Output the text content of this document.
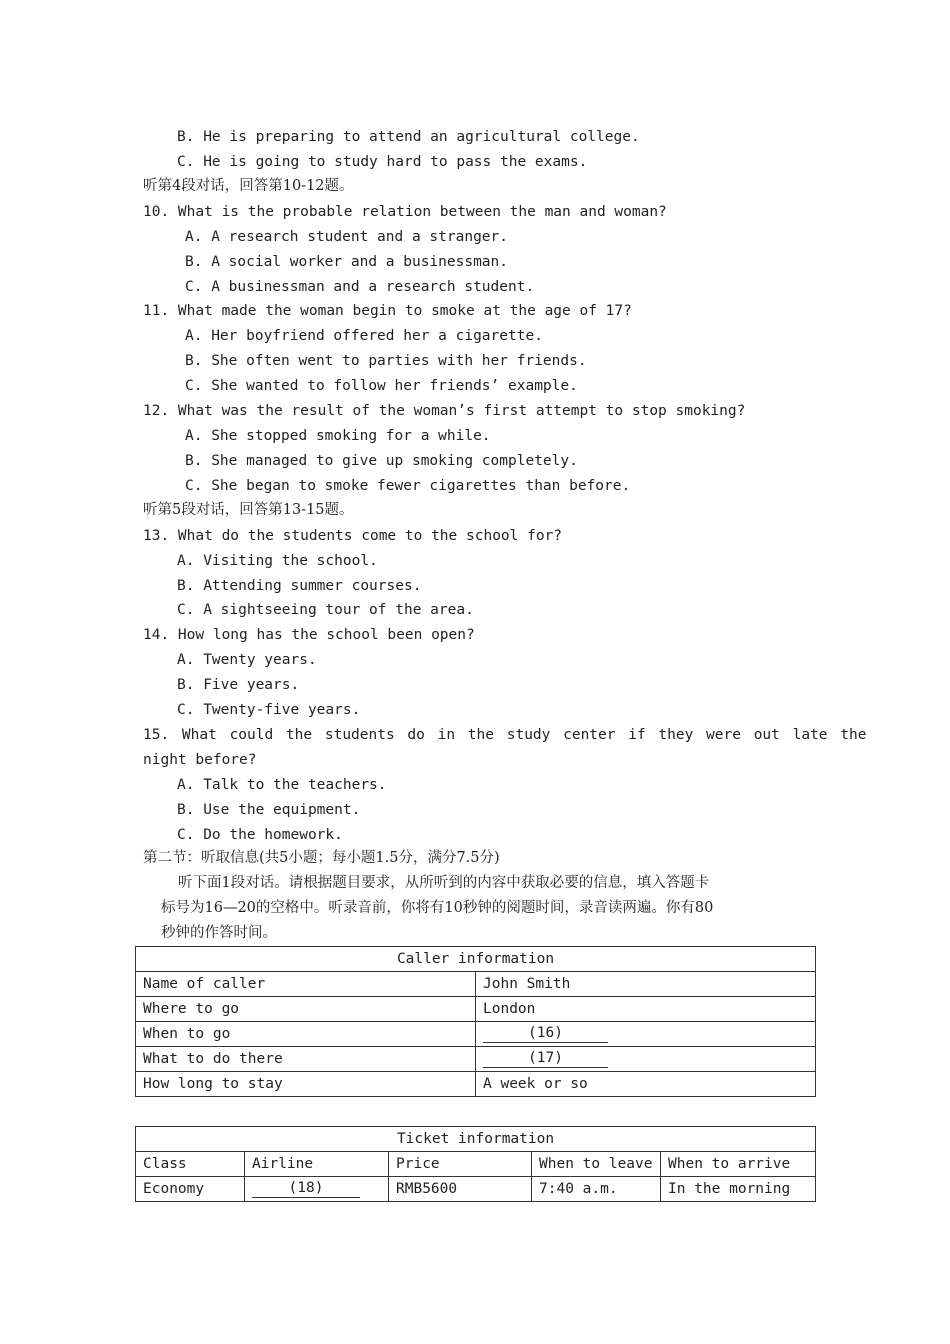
B. He is preparing to attend an agricultural college.
C. He is going to study hard to pass the exams.
听第4段对话，回答第10-12题。
10. What is the probable relation between the man and woman?
A. A research student and a stranger.
B. A social worker and a businessman.
C. A businessman and a research student.
11. What made the woman begin to smoke at the age of 17?
A. Her boyfriend offered her a cigarette.
B. She often went to parties with her friends.
C. She wanted to follow her friends’ example.
12. What was the result of the woman’s first attempt to stop smoking?
A. She stopped smoking for a while.
B. She managed to give up smoking completely.
C. She began to smoke fewer cigarettes than before.
听第5段对话，回答第13-15题。
13. What do the students come to the school for?
A. Visiting the school.
B. Attending summer courses.
C. A sightseeing tour of the area.
14. How long has the school been open?
A. Twenty years.
B. Five years.
C. Twenty-five years.
15. What could the students do in the study center if they were out late the
night before?
A. Talk to the teachers.
B. Use the equipment.
C. Do the homework.
第二节：听取信息(共5小题；每小题1.5分，满分7.5分)
听下面1段对话。请根据题目要求，从所听到的内容中获取必要的信息，填入答题卡
标号为16—20的空格中。听录音前，你将有10秒钟的阅题时间，录音读两遍。你有80
秒钟的作答时间。
Caller information	
Name of caller	John Smith
Where to go	London
When to go	(16)
What to do there	(17)
How long to stay	A week or so
Ticket information				
Class	Airline	Price	When to leave	When to arrive
Economy	(18)	RMB5600	7:40 a.m.	In the morning
